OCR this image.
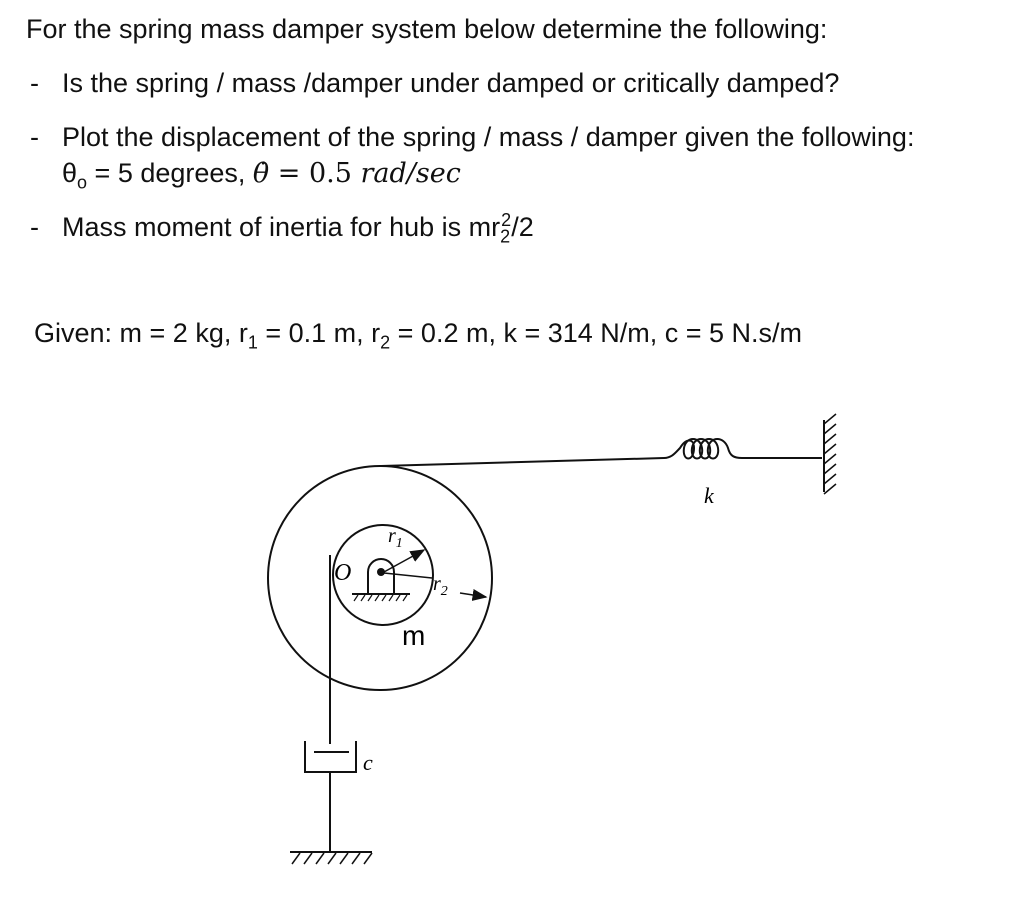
For the spring mass damper system below determine the following:
- Is the spring / mass /damper under damped or critically damped?
- Plot the displacement of the spring / mass / damper given the following:
$\theta_o = 5$ degrees, θ̇ = 0.5 rad/sec
- Mass moment of inertia for hub is $mr_2^2/2$
Given: m = 2 kg, $r_1 = 0.1$ m, $r_2 = 0.2$ m, k = 314 N/m, c = 5 N.s/m
O
$r_1$
$r_2$
m
k
c
